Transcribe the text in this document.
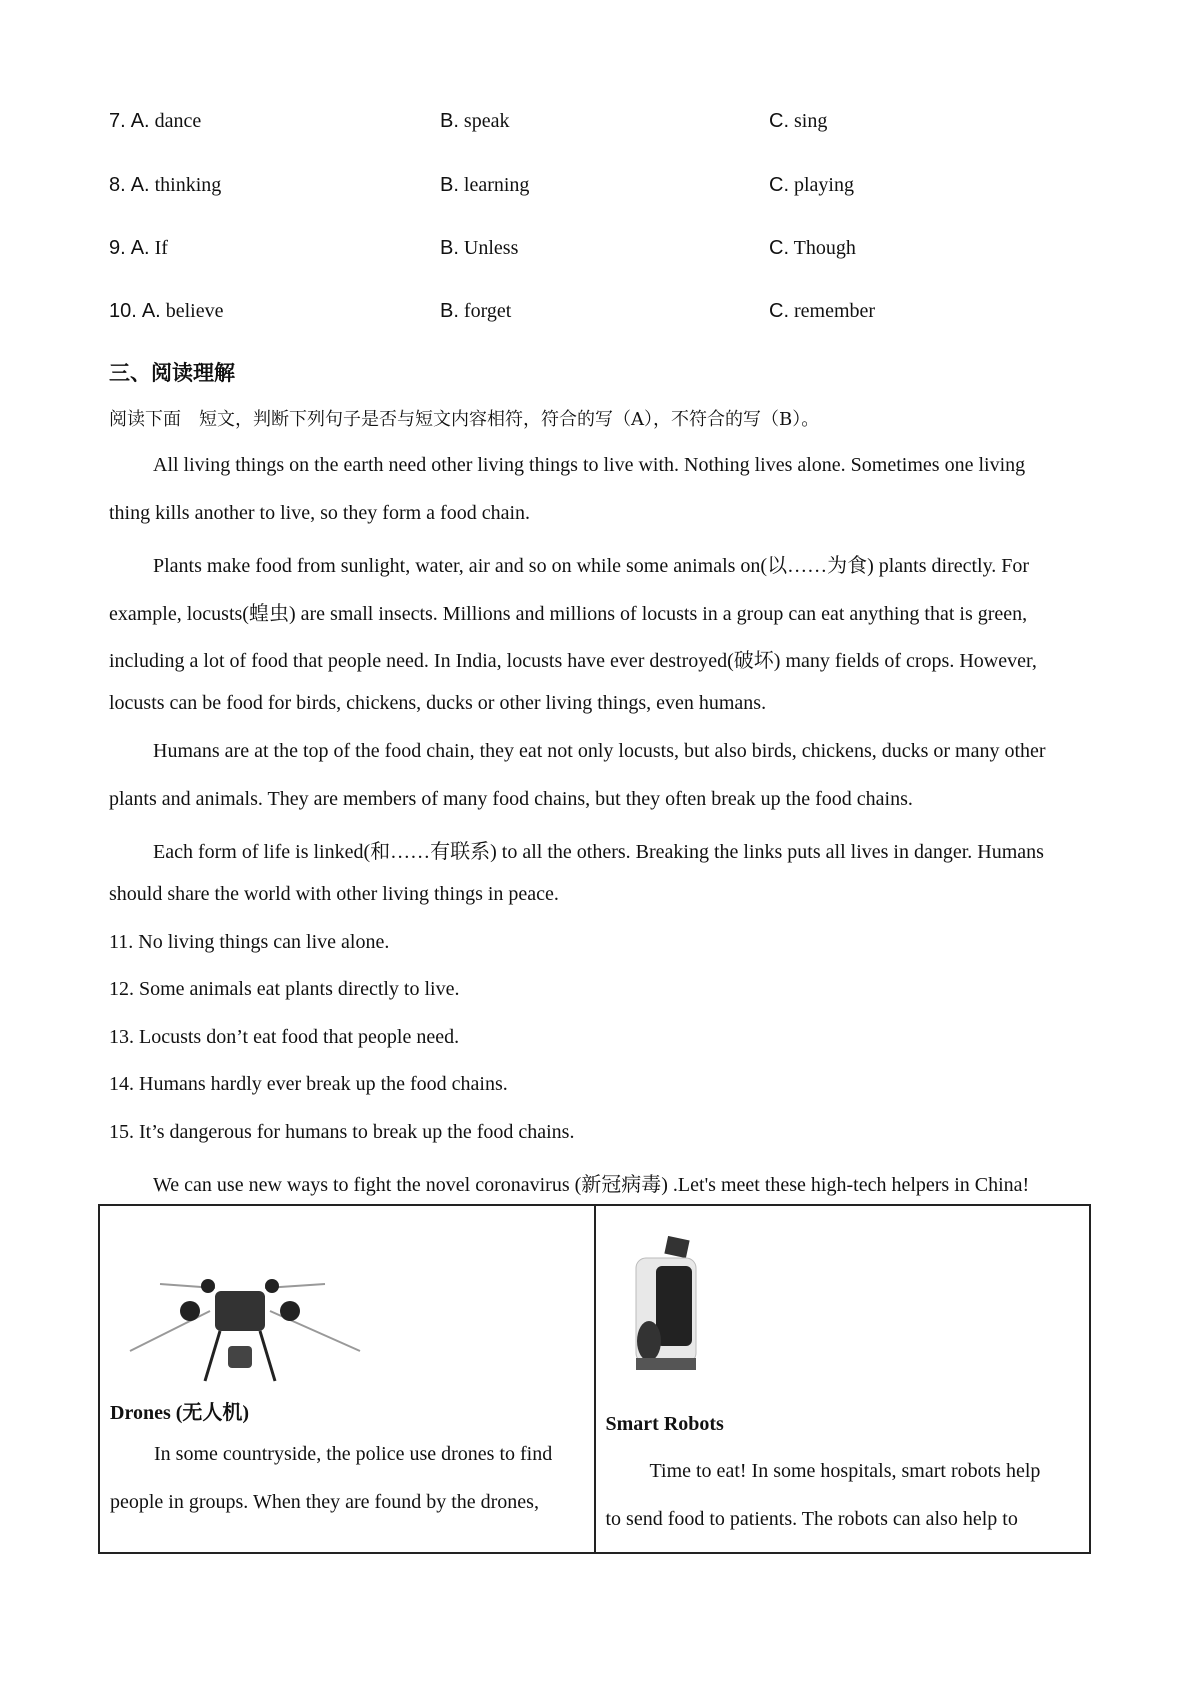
7. A. dance	B. speak	C. sing
8. A. thinking	B. learning	C. playing
9. A. If	B. Unless	C. Though
10. A. believe	B. forget	C. remember
三、阅读理解
阅读下面　短文，判断下列句子是否与短文内容相符，符合的写（A），不符合的写（B）。
All living things on the earth need other living things to live with. Nothing lives alone. Sometimes one living
thing kills another to live, so they form a food chain.
Plants make food from sunlight, water, air and so on while some animals on(以……为食) plants directly. For
example, locusts(蝗虫) are small insects. Millions and millions of locusts in a group can eat anything that is green,
including a lot of food that people need. In India, locusts have ever destroyed(破坏) many fields of crops. However,
locusts can be food for birds, chickens, ducks or other living things, even humans.
Humans are at the top of the food chain, they eat not only locusts, but also birds, chickens, ducks or many other
plants and animals. They are members of many food chains, but they often break up the food chains.
Each form of life is linked(和……有联系) to all the others. Breaking the links puts all lives in danger. Humans
should share the world with other living things in peace.
11. No living things can live alone.
12. Some animals eat plants directly to live.
13. Locusts don’t eat food that people need.
14. Humans hardly ever break up the food chains.
15. It’s dangerous for humans to break up the food chains.
We can use new ways to fight the novel coronavirus (新冠病毒) .Let's meet these high-tech helpers in China!
Drones (无人机)
In some countryside, the police use drones to find
people in groups. When they are found by the drones,

Smart Robots
Time to eat! In some hospitals, smart robots help
to send food to patients. The robots can also help to
